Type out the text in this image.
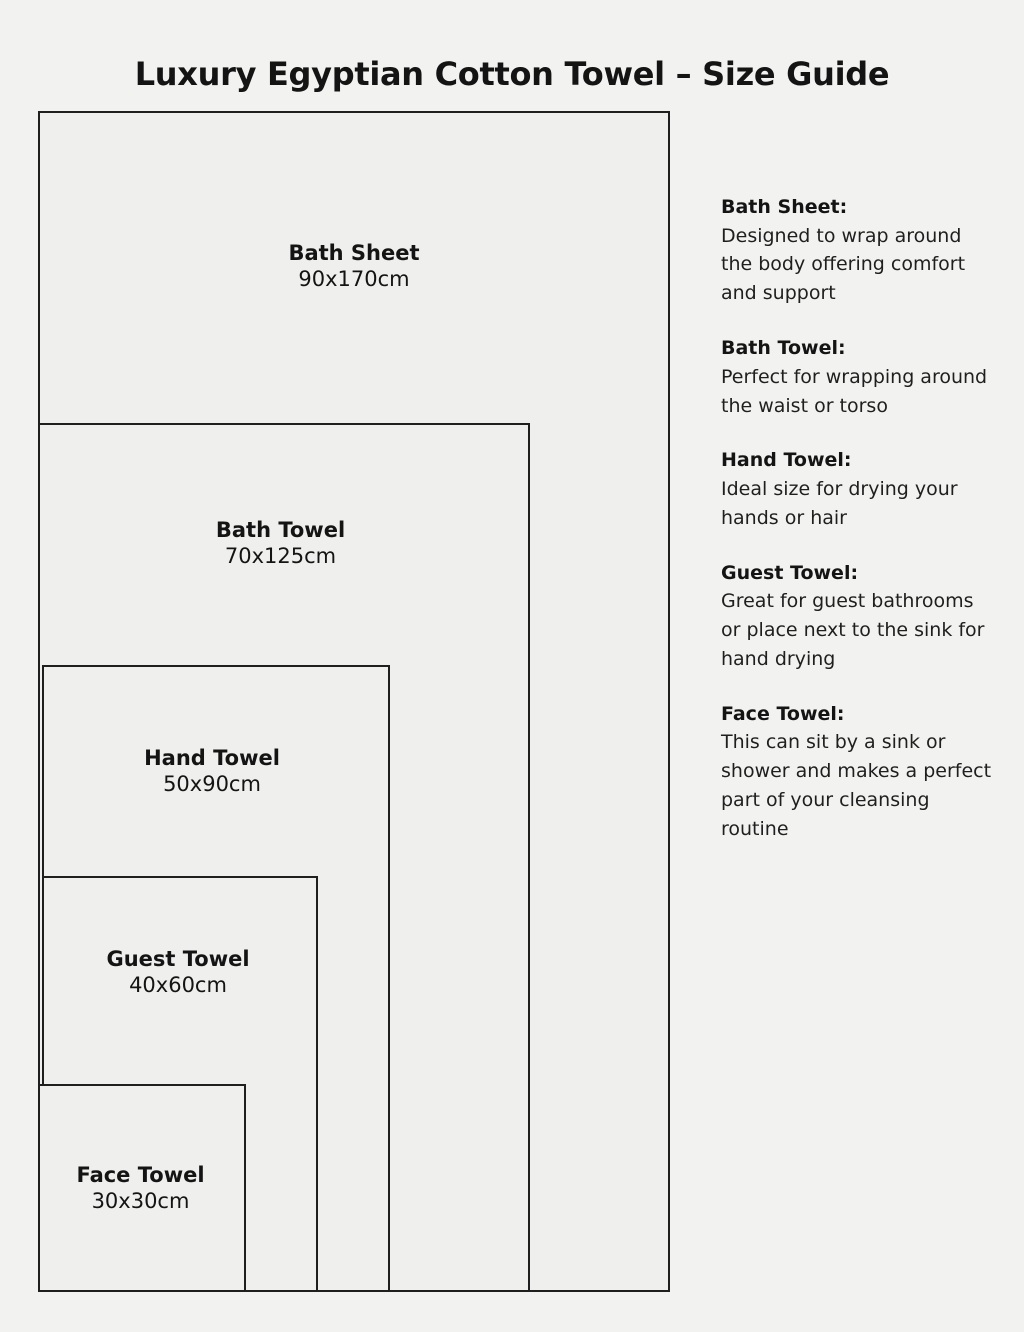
Luxury Egyptian Cotton Towel – Size Guide
Bath Sheet
90x170cm
Bath Towel
70x125cm
Hand Towel
50x90cm
Guest Towel
40x60cm
Face Towel
30x30cm
Bath Sheet:
Designed to wrap around the body offering comfort and support
Bath Towel:
Perfect for wrapping around the waist or torso
Hand Towel:
Ideal size for drying your hands or hair
Guest Towel:
Great for guest bathrooms or place next to the sink for hand drying
Face Towel:
This can sit by a sink or shower and makes a perfect part of your cleansing routine
